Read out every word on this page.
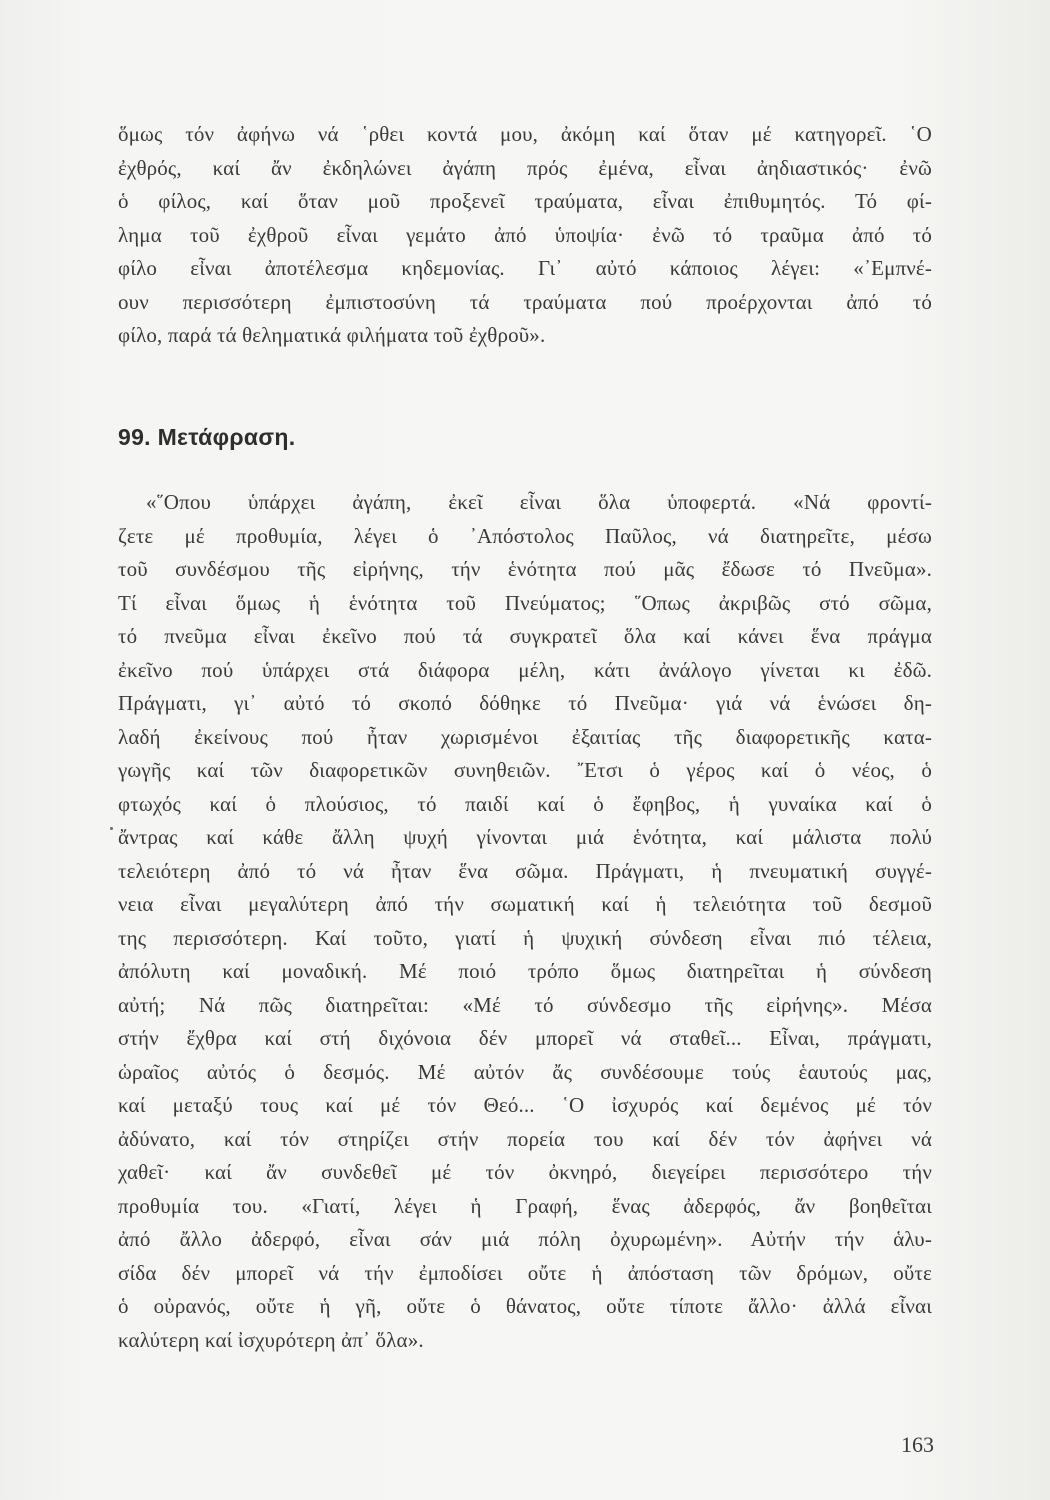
ὅμως τόν ἀφήνω νά ῾ρθει κοντά μου, ἀκόμη καί ὅταν μέ κατηγορεῖ. ῾Ο
ἐχθρός, καί ἄν ἐκδηλώνει ἀγάπη πρός ἐμένα, εἶναι ἀηδιαστικός· ἐνῶ
ὁ φίλος, καί ὅταν μοῦ προξενεῖ τραύματα, εἶναι ἐπιθυμητός. Τό φί-
λημα τοῦ ἐχθροῦ εἶναι γεμάτο ἀπό ὑποψία· ἐνῶ τό τραῦμα ἀπό τό
φίλο εἶναι ἀποτέλεσμα κηδεμονίας. Γι᾽ αὐτό κάποιος λέγει: «᾽Εμπνέ-
ουν περισσότερη ἐμπιστοσύνη τά τραύματα πού προέρχονται ἀπό τό
φίλο, παρά τά θεληματικά φιλήματα τοῦ ἐχθροῦ».
99. Μετάφραση.
«῞Οπου ὑπάρχει ἀγάπη, ἐκεῖ εἶναι ὅλα ὑποφερτά. «Νά φροντί-
ζετε μέ προθυμία, λέγει ὁ ᾽Απόστολος Παῦλος, νά διατηρεῖτε, μέσω
τοῦ συνδέσμου τῆς εἰρήνης, τήν ἑνότητα πού μᾶς ἔδωσε τό Πνεῦμα».
Τί εἶναι ὅμως ἡ ἑνότητα τοῦ Πνεύματος; ῞Οπως ἀκριβῶς στό σῶμα,
τό πνεῦμα εἶναι ἐκεῖνο πού τά συγκρατεῖ ὅλα καί κάνει ἕνα πράγμα
ἐκεῖνο πού ὑπάρχει στά διάφορα μέλη, κάτι ἀνάλογο γίνεται κι ἐδῶ.
Πράγματι, γι᾽ αὐτό τό σκοπό δόθηκε τό Πνεῦμα· γιά νά ἑνώσει δη-
λαδή ἐκείνους πού ἦταν χωρισμένοι ἐξαιτίας τῆς διαφορετικῆς κατα-
γωγῆς καί τῶν διαφορετικῶν συνηθειῶν. ῎Ετσι ὁ γέρος καί ὁ νέος, ὁ
φτωχός καί ὁ πλούσιος, τό παιδί καί ὁ ἔφηβος, ἡ γυναίκα καί ὁ
ἄντρας καί κάθε ἄλλη ψυχή γίνονται μιά ἑνότητα, καί μάλιστα πολύ
τελειότερη ἀπό τό νά ἦταν ἕνα σῶμα. Πράγματι, ἡ πνευματική συγγέ-
νεια εἶναι μεγαλύτερη ἀπό τήν σωματική καί ἡ τελειότητα τοῦ δεσμοῦ
της περισσότερη. Καί τοῦτο, γιατί ἡ ψυχική σύνδεση εἶναι πιό τέλεια,
ἀπόλυτη καί μοναδική. Μέ ποιό τρόπο ὅμως διατηρεῖται ἡ σύνδεση
αὐτή; Νά πῶς διατηρεῖται: «Μέ τό σύνδεσμο τῆς εἰρήνης». Μέσα
στήν ἔχθρα καί στή διχόνοια δέν μπορεῖ νά σταθεῖ... Εἶναι, πράγματι,
ὡραῖος αὐτός ὁ δεσμός. Μέ αὐτόν ἄς συνδέσουμε τούς ἑαυτούς μας,
καί μεταξύ τους καί μέ τόν Θεό... ῾Ο ἰσχυρός καί δεμένος μέ τόν
ἀδύνατο, καί τόν στηρίζει στήν πορεία του καί δέν τόν ἀφήνει νά
χαθεῖ· καί ἄν συνδεθεῖ μέ τόν ὀκνηρό, διεγείρει περισσότερο τήν
προθυμία του. «Γιατί, λέγει ἡ Γραφή, ἕνας ἀδερφός, ἄν βοηθεῖται
ἀπό ἄλλο ἀδερφό, εἶναι σάν μιά πόλη ὀχυρωμένη». Αὐτήν τήν ἁλυ-
σίδα δέν μπορεῖ νά τήν ἐμποδίσει οὔτε ἡ ἀπόσταση τῶν δρόμων, οὔτε
ὁ οὐρανός, οὔτε ἡ γῆ, οὔτε ὁ θάνατος, οὔτε τίποτε ἄλλο· ἀλλά εἶναι
καλύτερη καί ἰσχυρότερη ἀπ᾽ ὅλα».
163
